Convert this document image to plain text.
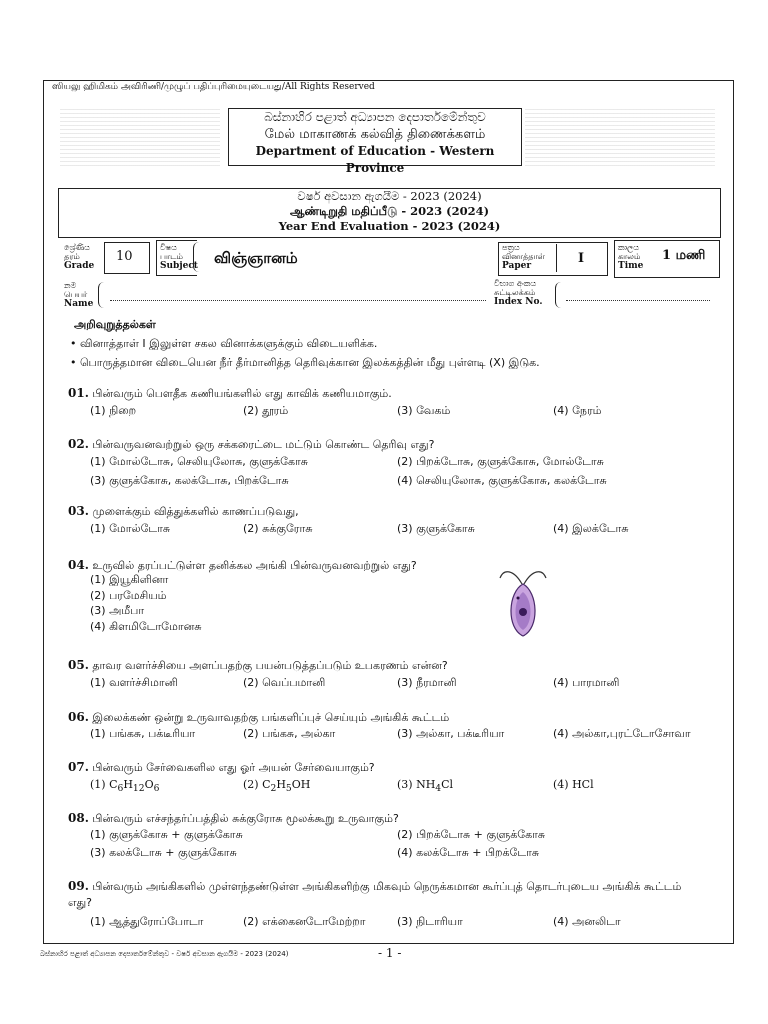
ஸியலு ஹிமிகம் அவிரிணி/முழுப் பதிப்புரிமையுடையது/All Rights Reserved
බස්නාහිර පළාත් අධ්‍යාපන දෙපාර්තමේන්තුව
மேல் மாகாணக் கல்வித் திணைக்களம்
Department of Education - Western Province
වර්ෂ අවසාන ඇගයීම - 2023 (2024)
ஆண்டிறுதி மதிப்பீடு - 2023 (2024)
Year End Evaluation - 2023 (2024)
ශ්‍රේණිය
தரம்
Grade
10
විෂය
பாடம்
Subject விஞ்ஞானம்
පත්‍රය
வினாத்தாள்
Paper	I
කාලය
காலம்
Time
1 மணி
නම
பெயர்
Name
විභාග අංකය
சுட்டிலக்கம்
Index No.
அறிவுறுத்தல்கள்
• வினாத்தாள் I இலுள்ள சகல வினாக்களுக்கும் விடையளிக்க.
• பொருத்தமான விடையென நீர் தீர்மானித்த தெரிவுக்கான இலக்கத்தின் மீது புள்ளடி (X) இடுக.
01. பின்வரும் பௌதீக கணியங்களில் எது காவிக் கணியமாகும்.
(1) நிறை	(2) தூரம்	(3) வேகம்	(4) நேரம்
02. பின்வருவனவற்றுல் ஒரு சக்கரைட்டை மட்டும் கொண்ட தெரிவு எது?
(1) மோல்டோசு, செலியுலோசு, குளுக்கோசு	(2) பிறக்டோசு, குளுக்கோசு, மோல்டோசு
(3) குளுக்கோசு, கலக்டோசு, பிறக்டோசு	(4) செலியுலோசு, குளுக்கோசு, கலக்டோசு
03. முளைக்கும் வித்துக்களில் காணப்படுவது,
(1) மோல்டோசு	(2) சுக்குரோசு	(3) குளுக்கோசு	(4) இலக்டோசு
04. உருவில் தரப்பட்டுள்ள தனிக்கல அங்கி பின்வருவனவற்றுல் எது?
(1) இயூகிளினா
(2) பரமேசியம்
(3) அமீபா
(4) கிளமிடோமோனசு
05. தாவர வளர்ச்சியை அளப்பதற்கு பயன்படுத்தப்படும் உபகரணம் என்ன?
(1) வளர்ச்சிமானி	(2) வெப்பமானி	(3) நீரமானி	(4) பாரமானி
06. இலைக்கண் ஒன்று உருவாவதற்கு பங்களிப்புச் செய்யும் அங்கிக் கூட்டம்
(1) பங்கசு, பக்டீரியா	(2) பங்கசு, அல்கா	(3) அல்கா, பக்டீரியா	(4) அல்கா,புரட்டோசோவா
07. பின்வரும் சேர்வைகளில எது ஓர் அயன் சேர்வையாகும்?
(1) $C_6H_{12}O_6$	(2) $C_2H_5OH$	(3) $NH_4Cl$	(4) HCl
08. பின்வரும் எச்சந்தர்ப்பத்தில் சுக்குரோசு மூலக்கூறு உருவாகும்?
(1) குளுக்கோசு + குளுக்கோசு	(2) பிறக்டோசு + குளுக்கோசு
(3) கலக்டோசு + குளுக்கோசு	(4) கலக்டோசு + பிறக்டோசு
09. பின்வரும் அங்கிகளில் முள்ளந்தண்டுள்ள அங்கிகளிற்கு மிகவும் நெருக்கமான கூர்ப்புத் தொடர்புடைய அங்கிக் கூட்டம் எது?
(1) ஆத்துரோப்போடா	(2) எக்கைனடோமேற்றா	(3) நிடாரியா	(4) அனலிடா
බස්නාහිර පළාත් අධ්‍යාපන දෙපාර්තමේන්තුව - වර්ෂ අවසාන ඇගයීම - 2023 (2024)	- 1 -
